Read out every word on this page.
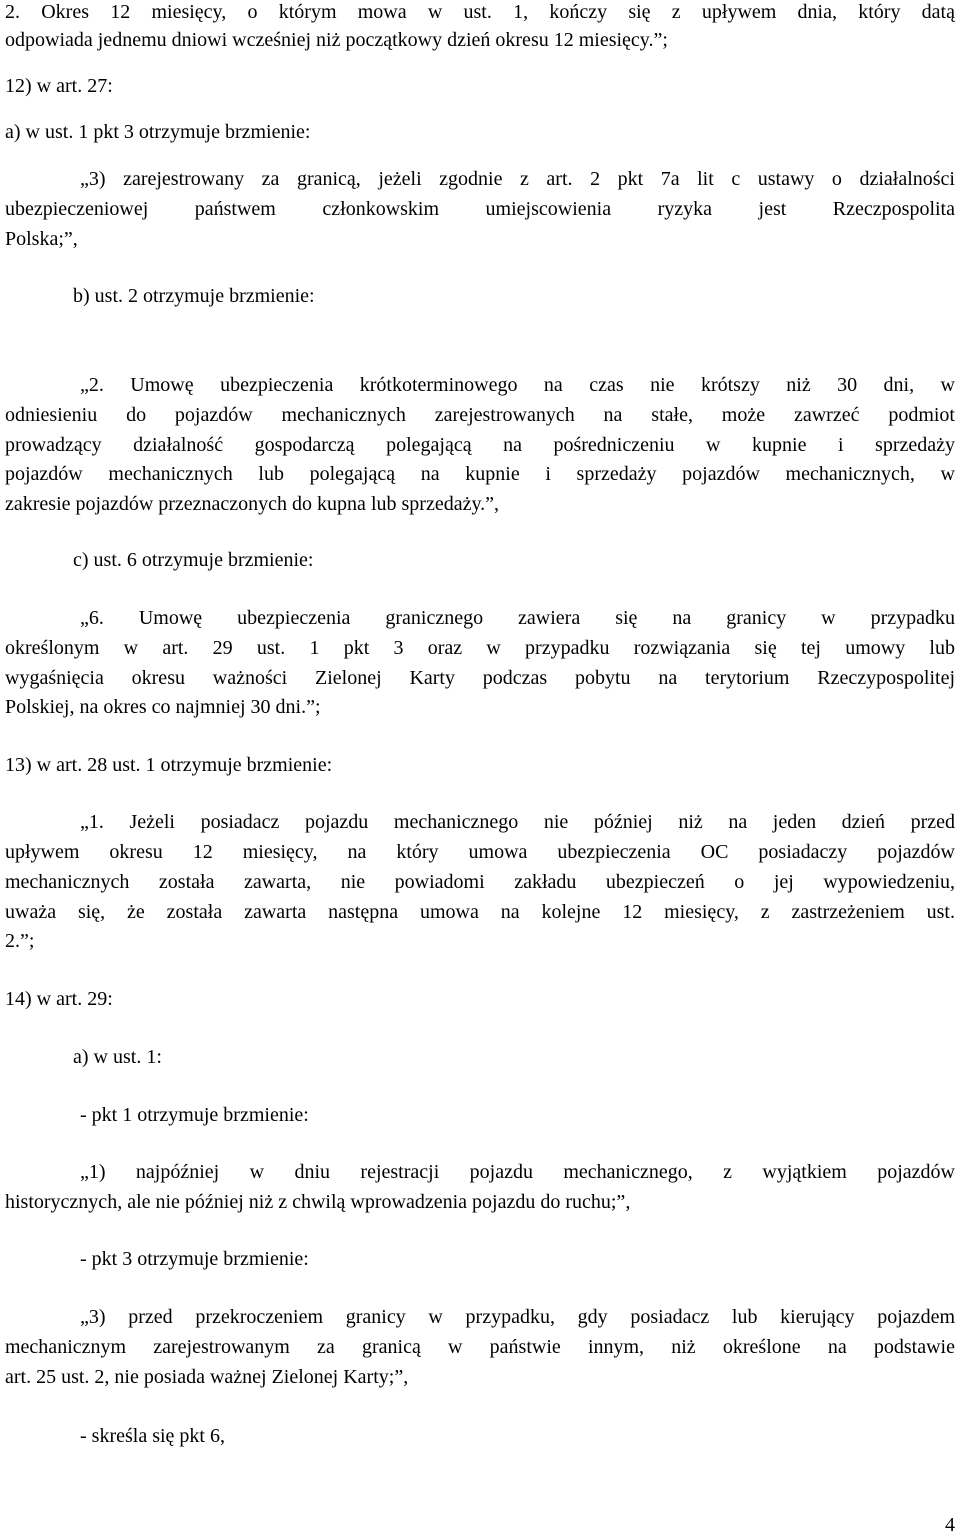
2. Okres 12 miesięcy, o którym mowa w ust. 1, kończy się z upływem dnia, który datą
odpowiada jednemu dniowi wcześniej niż początkowy dzień okresu 12 miesięcy.”;
12) w art. 27:
a) w ust. 1 pkt 3 otrzymuje brzmienie:
„3) zarejestrowany za granicą, jeżeli zgodnie z art. 2 pkt 7a lit c ustawy o działalności
ubezpieczeniowej państwem członkowskim umiejscowienia ryzyka jest Rzeczpospolita
Polska;”,
b) ust. 2 otrzymuje brzmienie:
„2. Umowę ubezpieczenia krótkoterminowego na czas nie krótszy niż 30 dni, w
odniesieniu do pojazdów mechanicznych zarejestrowanych na stałe, może zawrzeć podmiot
prowadzący działalność gospodarczą polegającą na pośredniczeniu w kupnie i sprzedaży
pojazdów mechanicznych lub polegającą na kupnie i sprzedaży pojazdów mechanicznych, w
zakresie pojazdów przeznaczonych do kupna lub sprzedaży.”,
c) ust. 6 otrzymuje brzmienie:
„6. Umowę ubezpieczenia granicznego zawiera się na granicy w przypadku
określonym w art. 29 ust. 1 pkt 3 oraz w przypadku rozwiązania się tej umowy lub
wygaśnięcia okresu ważności Zielonej Karty podczas pobytu na terytorium Rzeczypospolitej
Polskiej, na okres co najmniej 30 dni.”;
13) w art. 28 ust. 1 otrzymuje brzmienie:
„1. Jeżeli posiadacz pojazdu mechanicznego nie później niż na jeden dzień przed
upływem okresu 12 miesięcy, na który umowa ubezpieczenia OC posiadaczy pojazdów
mechanicznych została zawarta, nie powiadomi zakładu ubezpieczeń o jej wypowiedzeniu,
uważa się, że została zawarta następna umowa na kolejne 12 miesięcy, z zastrzeżeniem ust.
2.”;
14) w art. 29:
a) w ust. 1:
- pkt 1 otrzymuje brzmienie:
„1) najpóźniej w dniu rejestracji pojazdu mechanicznego, z wyjątkiem pojazdów
historycznych, ale nie później niż z chwilą wprowadzenia pojazdu do ruchu;”,
- pkt 3 otrzymuje brzmienie:
„3) przed przekroczeniem granicy w przypadku, gdy posiadacz lub kierujący pojazdem
mechanicznym zarejestrowanym za granicą w państwie innym, niż określone na podstawie
art. 25 ust. 2, nie posiada ważnej Zielonej Karty;”,
- skreśla się pkt 6,
4
